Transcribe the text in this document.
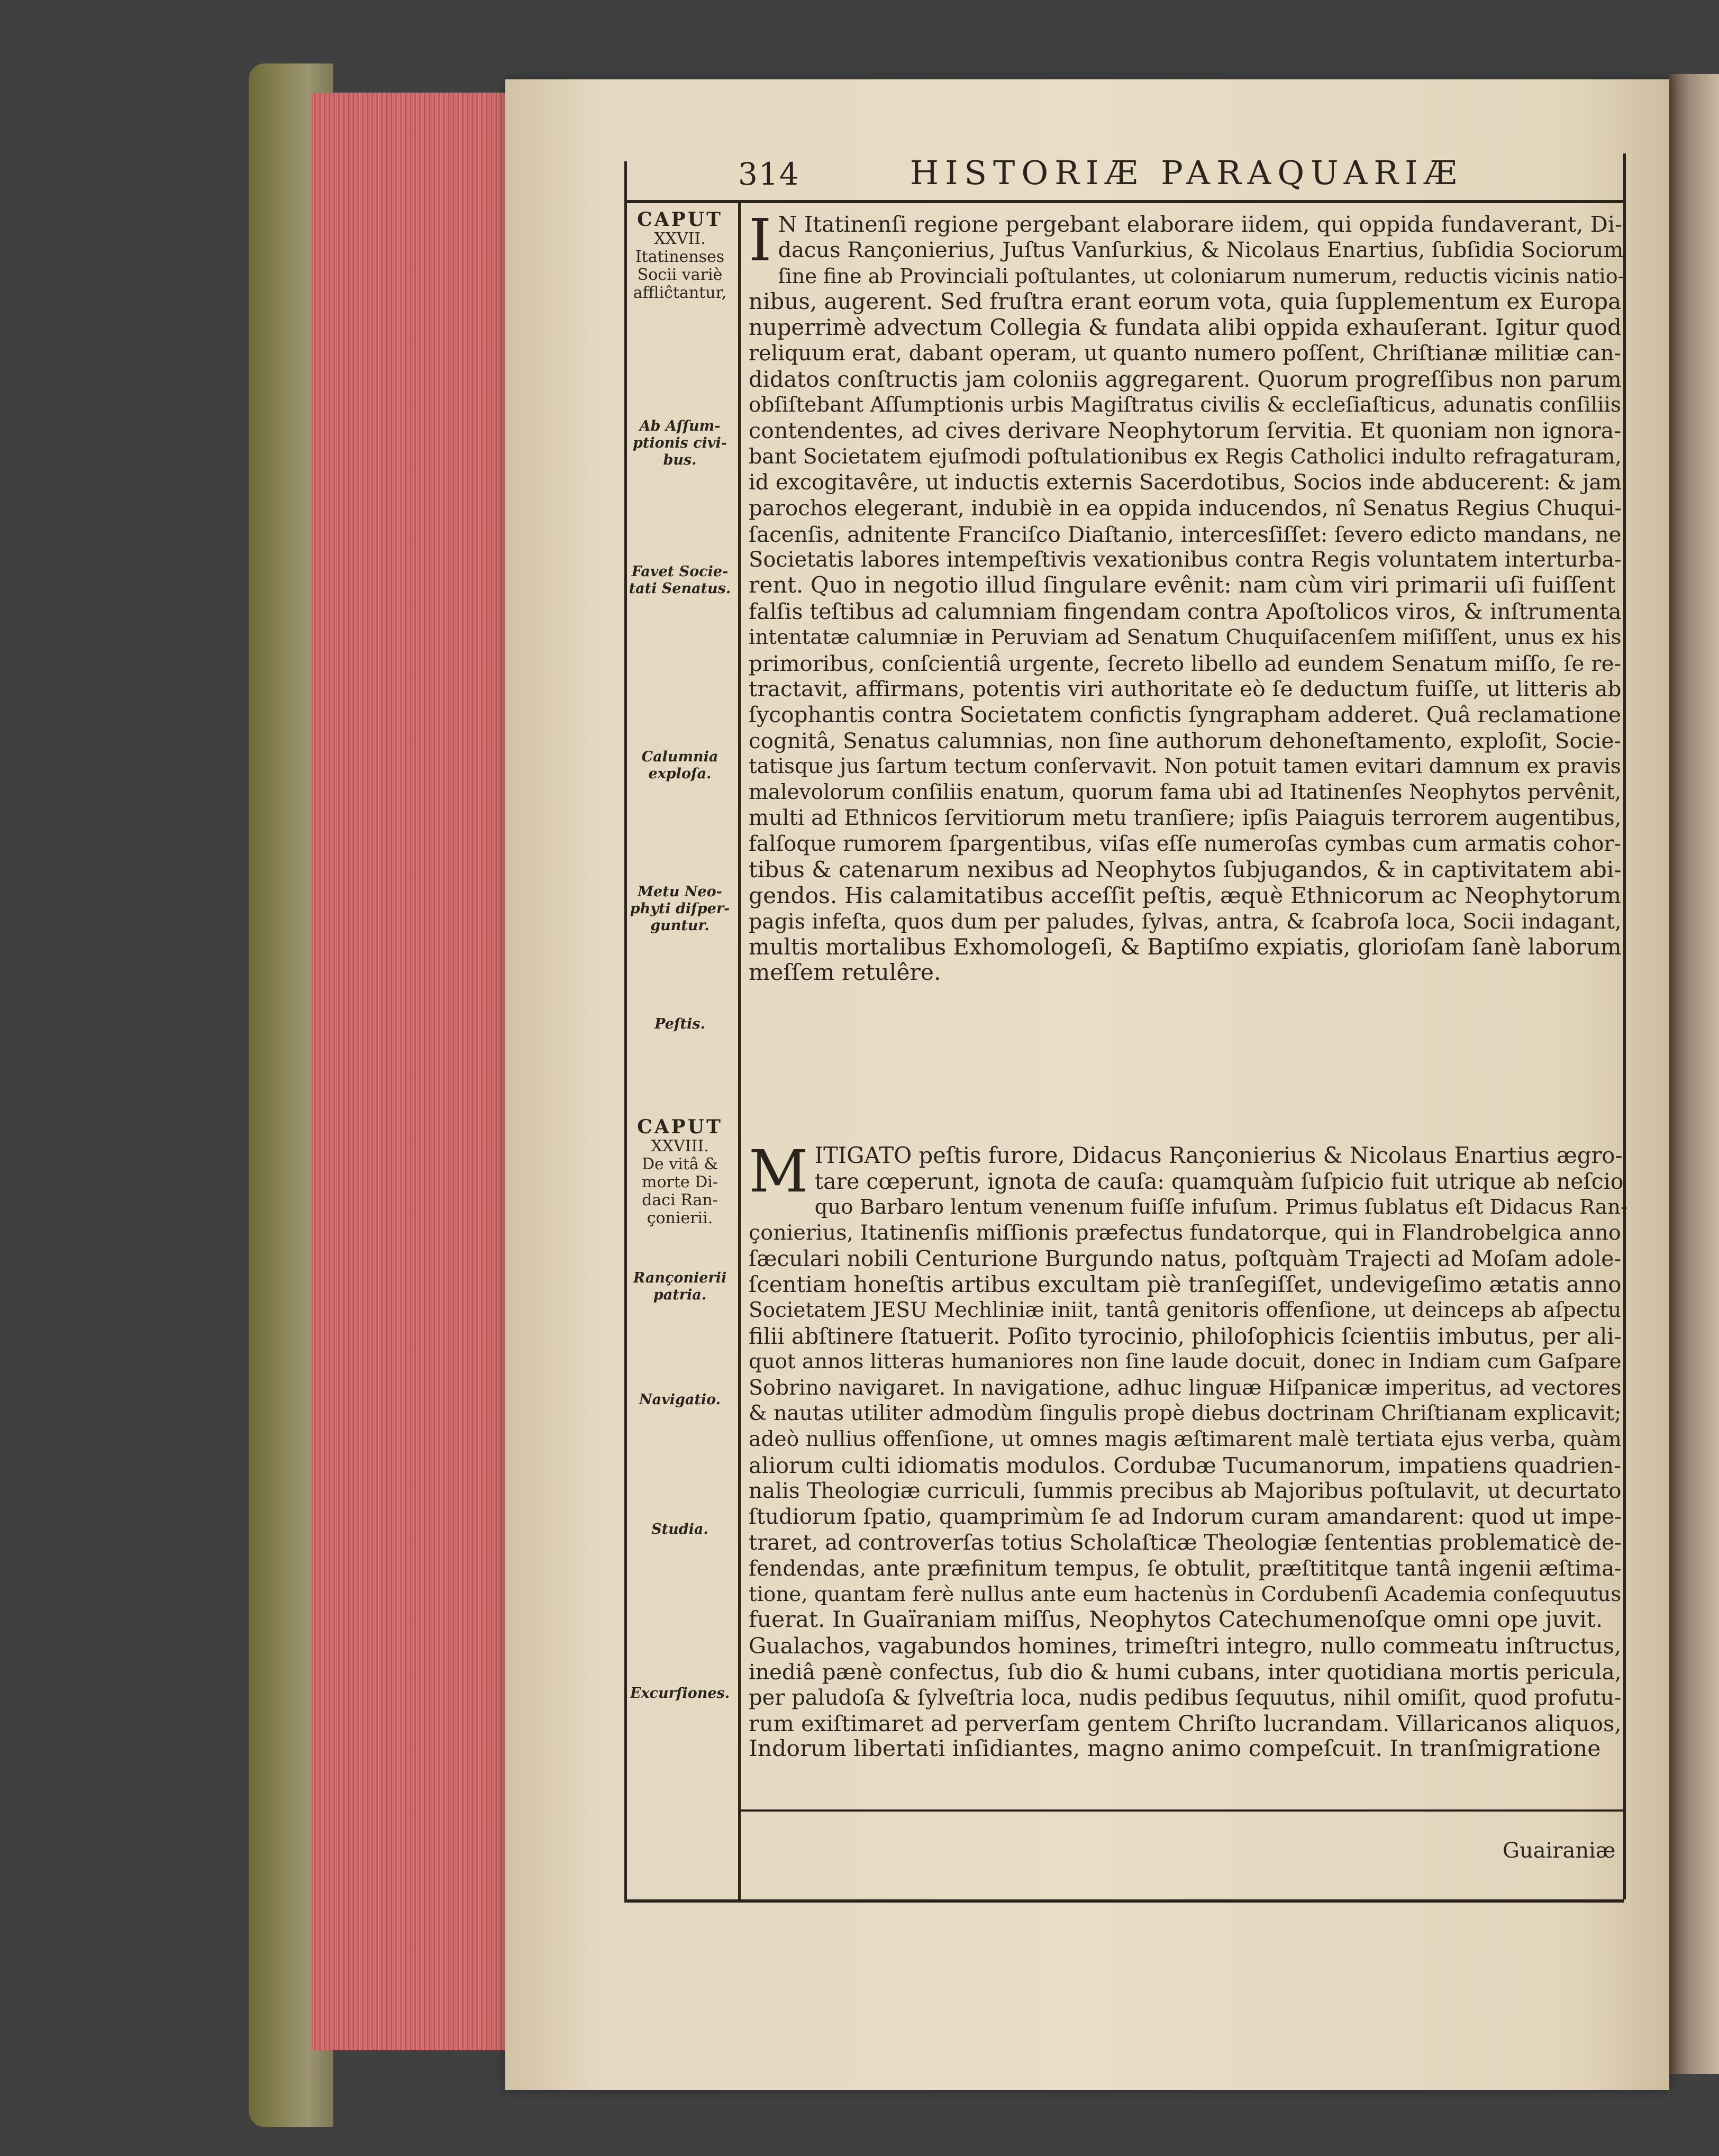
314	HISTORIÆ PARAQUARIÆ
CAPUT
XXVII.
Itatinenses
Socii variè
affliĉtantur,
Ab Aſſum-
ptionis civi-
bus.
Favet Socie-
tati Senatus.
Calumnia
exploſa.
Metu Neo-
phyti diſper-
guntur.
Peſtis.
CAPUT
XXVIII.
De vitâ &
morte Di-
daci Ran-
çonierii.
Rançonierii
patria.
Navigatio.
Studia.
Excurſiones.
I N Itatinenſi regione pergebant elaborare iidem, qui oppida fundaverant, Di-
dacus Rançonierius, Juſtus Vanſurkius, & Nicolaus Enartius, ſubſidia Sociorum
ſine fine ab Provinciali poſtulantes, ut coloniarum numerum, reductis vicinis natio-
nibus, augerent. Sed fruſtra erant eorum vota, quia ſupplementum ex Europa
nuperrimè advectum Collegia & fundata alibi oppida exhauſerant. Igitur quod
reliquum erat, dabant operam, ut quanto numero poſſent, Chriſtianæ militiæ can-
didatos conſtructis jam coloniis aggregarent. Quorum progreſſibus non parum
obſiſtebant Aſſumptionis urbis Magiſtratus civilis & eccleſiaſticus, adunatis conſiliis
contendentes, ad cives derivare Neophytorum ſervitia. Et quoniam non ignora-
bant Societatem ejuſmodi poſtulationibus ex Regis Catholici indulto refragaturam,
id excogitavêre, ut inductis externis Sacerdotibus, Socios inde abducerent: & jam
parochos elegerant, indubiè in ea oppida inducendos, nî Senatus Regius Chuqui-
ſacenſis, adnitente Franciſco Diaſtanio, intercesſiſſet: ſevero edicto mandans, ne
Societatis labores intempeſtivis vexationibus contra Regis voluntatem interturba-
rent. Quo in negotio illud ſingulare evênit: nam cùm viri primarii uſi fuiſſent
falſis teſtibus ad calumniam fingendam contra Apoſtolicos viros, & inſtrumenta
intentatæ calumniæ in Peruviam ad Senatum Chuquiſacenſem miſiſſent, unus ex his
primoribus, conſcientiâ urgente, ſecreto libello ad eundem Senatum miſſo, ſe re-
tractavit, affirmans, potentis viri authoritate eò ſe deductum fuiſſe, ut litteris ab
ſycophantis contra Societatem confictis ſyngrapham adderet. Quâ reclamatione
cognitâ, Senatus calumnias, non ſine authorum dehoneſtamento, exploſit, Socie-
tatisque jus ſartum tectum conſervavit. Non potuit tamen evitari damnum ex pravis
malevolorum conſiliis enatum, quorum fama ubi ad Itatinenſes Neophytos pervênit,
multi ad Ethnicos ſervitiorum metu tranſiere; ipſis Paiaguis terrorem augentibus,
falſoque rumorem ſpargentibus, viſas eſſe numeroſas cymbas cum armatis cohor-
tibus & catenarum nexibus ad Neophytos ſubjugandos, & in captivitatem abi-
gendos. His calamitatibus acceſſit peſtis, æquè Ethnicorum ac Neophytorum
pagis infeſta, quos dum per paludes, ſylvas, antra, & ſcabroſa loca, Socii indagant,
multis mortalibus Exhomologeſi, & Baptiſmo expiatis, glorioſam ſanè laborum
meſſem retulêre.
M ITIGATO peſtis furore, Didacus Rançonierius & Nicolaus Enartius ægro-
tare cœperunt, ignota de cauſa: quamquàm ſuſpicio fuit utrique ab neſcio
quo Barbaro lentum venenum fuiſſe infuſum. Primus ſublatus eſt Didacus Ran-
çonierius, Itatinenſis miſſionis præfectus fundatorque, qui in Flandrobelgica anno
ſæculari nobili Centurione Burgundo natus, poſtquàm Trajecti ad Moſam adole-
ſcentiam honeſtis artibus excultam piè tranſegiſſet, undevigeſimo ætatis anno
Societatem JESU Mechliniæ iniit, tantâ genitoris offenſione, ut deinceps ab aſpectu
filii abſtinere ſtatuerit. Poſito tyrocinio, philoſophicis ſcientiis imbutus, per ali-
quot annos litteras humaniores non ſine laude docuit, donec in Indiam cum Gaſpare
Sobrino navigaret. In navigatione, adhuc linguæ Hiſpanicæ imperitus, ad vectores
& nautas utiliter admodùm ſingulis propè diebus doctrinam Chriſtianam explicavit;
adeò nullius offenſione, ut omnes magis æſtimarent malè tertiata ejus verba, quàm
aliorum culti idiomatis modulos. Cordubæ Tucumanorum, impatiens quadrien-
nalis Theologiæ curriculi, ſummis precibus ab Majoribus poſtulavit, ut decurtato
ſtudiorum ſpatio, quamprimùm ſe ad Indorum curam amandarent: quod ut impe-
traret, ad controverſas totius Scholaſticæ Theologiæ ſententias problematicè de-
fendendas, ante præfinitum tempus, ſe obtulit, præſtititque tantâ ingenii æſtima-
tione, quantam ferè nullus ante eum hactenùs in Cordubenſi Academia conſequutus
fuerat. In Guaïraniam miſſus, Neophytos Catechumenoſque omni ope juvit.
Gualachos, vagabundos homines, trimeſtri integro, nullo commeatu inſtructus,
inediâ pænè confectus, ſub dio & humi cubans, inter quotidiana mortis pericula,
per paludoſa & ſylveſtria loca, nudis pedibus ſequutus, nihil omiſit, quod profutu-
rum exiſtimaret ad perverſam gentem Chriſto lucrandam. Villaricanos aliquos,
Indorum libertati inſidiantes, magno animo compeſcuit. In tranſmigratione
Guairaniæ
